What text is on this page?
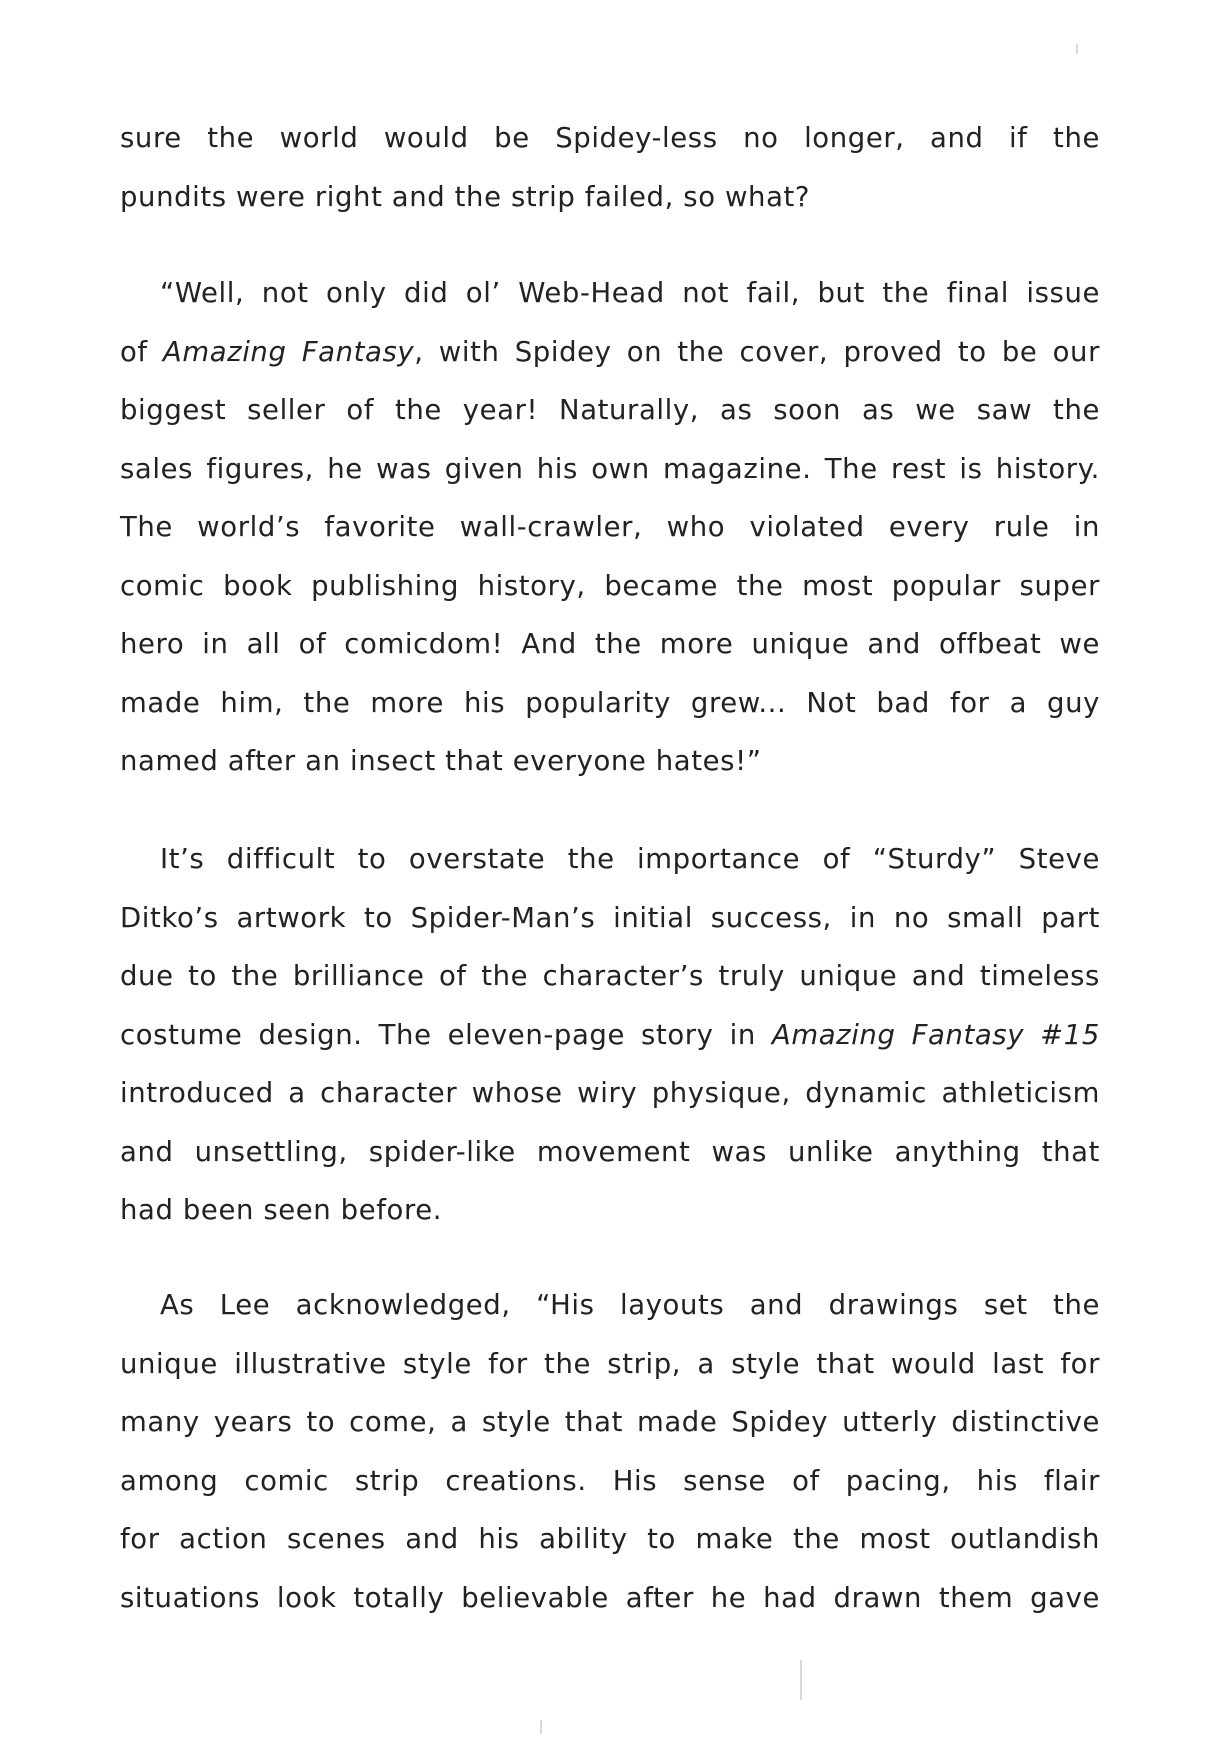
sure the world would be Spidey-less no longer, and if the
pundits were right and the strip failed, so what?
“Well, not only did ol’ Web-Head not fail, but the final issue
of Amazing Fantasy, with Spidey on the cover, proved to be our
biggest seller of the year! Naturally, as soon as we saw the
sales figures, he was given his own magazine. The rest is history.
The world’s favorite wall-crawler, who violated every rule in
comic book publishing history, became the most popular super
hero in all of comicdom! And the more unique and offbeat we
made him, the more his popularity grew... Not bad for a guy
named after an insect that everyone hates!”
It’s difficult to overstate the importance of “Sturdy” Steve
Ditko’s artwork to Spider-Man’s initial success, in no small part
due to the brilliance of the character’s truly unique and timeless
costume design. The eleven-page story in Amazing Fantasy #15
introduced a character whose wiry physique, dynamic athleticism
and unsettling, spider-like movement was unlike anything that
had been seen before.
As Lee acknowledged, “His layouts and drawings set the
unique illustrative style for the strip, a style that would last for
many years to come, a style that made Spidey utterly distinctive
among comic strip creations. His sense of pacing, his flair
for action scenes and his ability to make the most outlandish
situations look totally believable after he had drawn them gave
